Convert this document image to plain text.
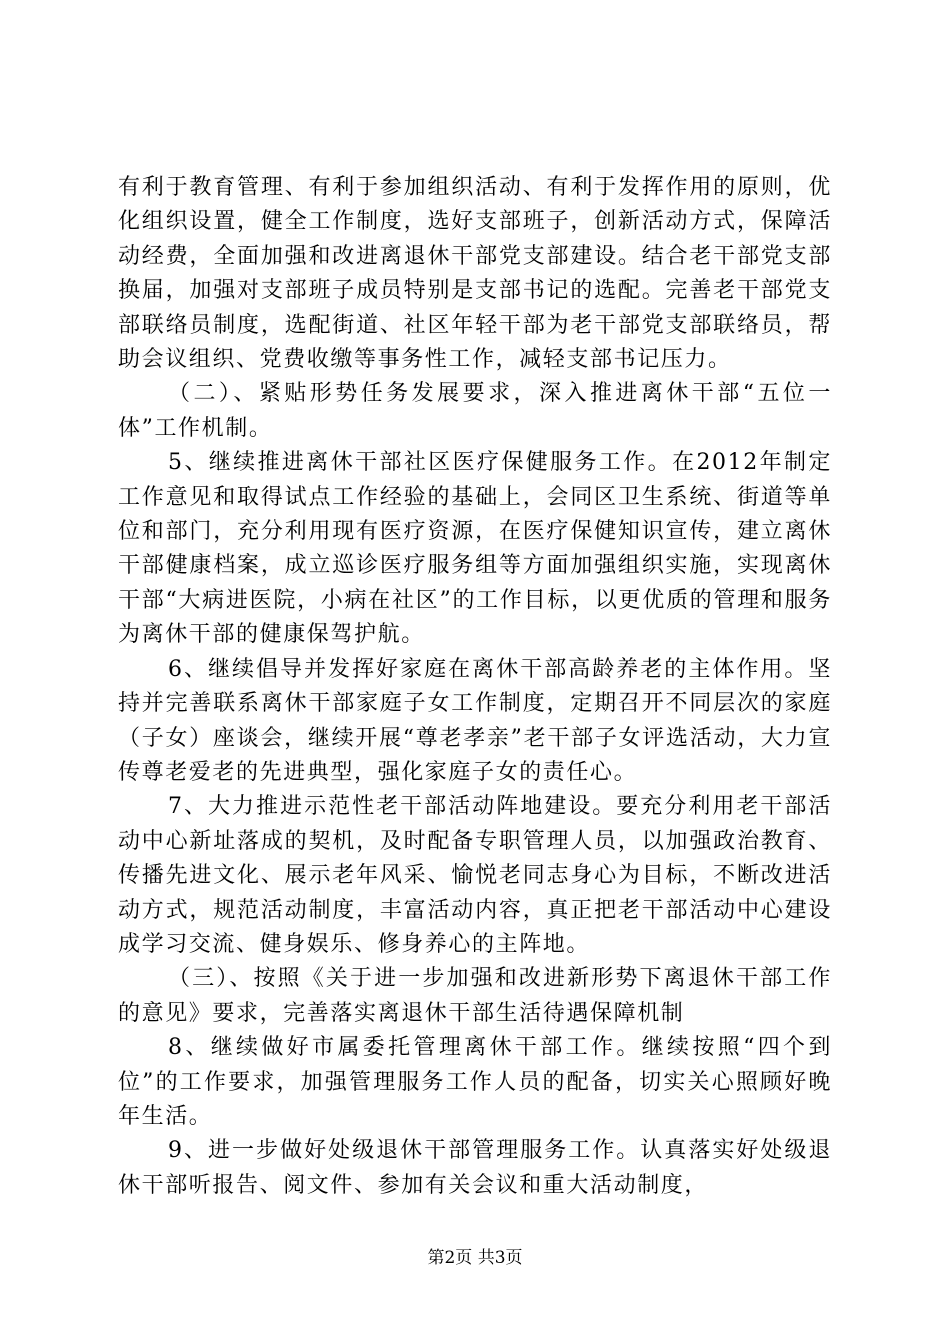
有利于教育管理、有利于参加组织活动、有利于发挥作用的原则，优化组织设置，健全工作制度，选好支部班子，创新活动方式，保障活动经费，全面加强和改进离退休干部党支部建设。结合老干部党支部换届，加强对支部班子成员特别是支部书记的选配。完善老干部党支部联络员制度，选配街道、社区年轻干部为老干部党支部联络员，帮助会议组织、党费收缴等事务性工作，减轻支部书记压力。

（二）、紧贴形势任务发展要求，深入推进离休干部“五位一体”工作机制。

5、继续推进离休干部社区医疗保健服务工作。在2012年制定工作意见和取得试点工作经验的基础上，会同区卫生系统、街道等单位和部门，充分利用现有医疗资源，在医疗保健知识宣传，建立离休干部健康档案，成立巡诊医疗服务组等方面加强组织实施，实现离休干部“大病进医院，小病在社区”的工作目标，以更优质的管理和服务为离休干部的健康保驾护航。

6、继续倡导并发挥好家庭在离休干部高龄养老的主体作用。坚持并完善联系离休干部家庭子女工作制度，定期召开不同层次的家庭（子女）座谈会，继续开展“尊老孝亲”老干部子女评选活动，大力宣传尊老爱老的先进典型，强化家庭子女的责任心。

7、大力推进示范性老干部活动阵地建设。要充分利用老干部活动中心新址落成的契机，及时配备专职管理人员，以加强政治教育、传播先进文化、展示老年风采、愉悦老同志身心为目标，不断改进活动方式，规范活动制度，丰富活动内容，真正把老干部活动中心建设成学习交流、健身娱乐、修身养心的主阵地。

（三）、按照《关于进一步加强和改进新形势下离退休干部工作的意见》要求，完善落实离退休干部生活待遇保障机制

8、继续做好市属委托管理离休干部工作。继续按照“四个到位”的工作要求，加强管理服务工作人员的配备，切实关心照顾好晚年生活。

9、进一步做好处级退休干部管理服务工作。认真落实好处级退休干部听报告、阅文件、参加有关会议和重大活动制度，

第2页 共3页
